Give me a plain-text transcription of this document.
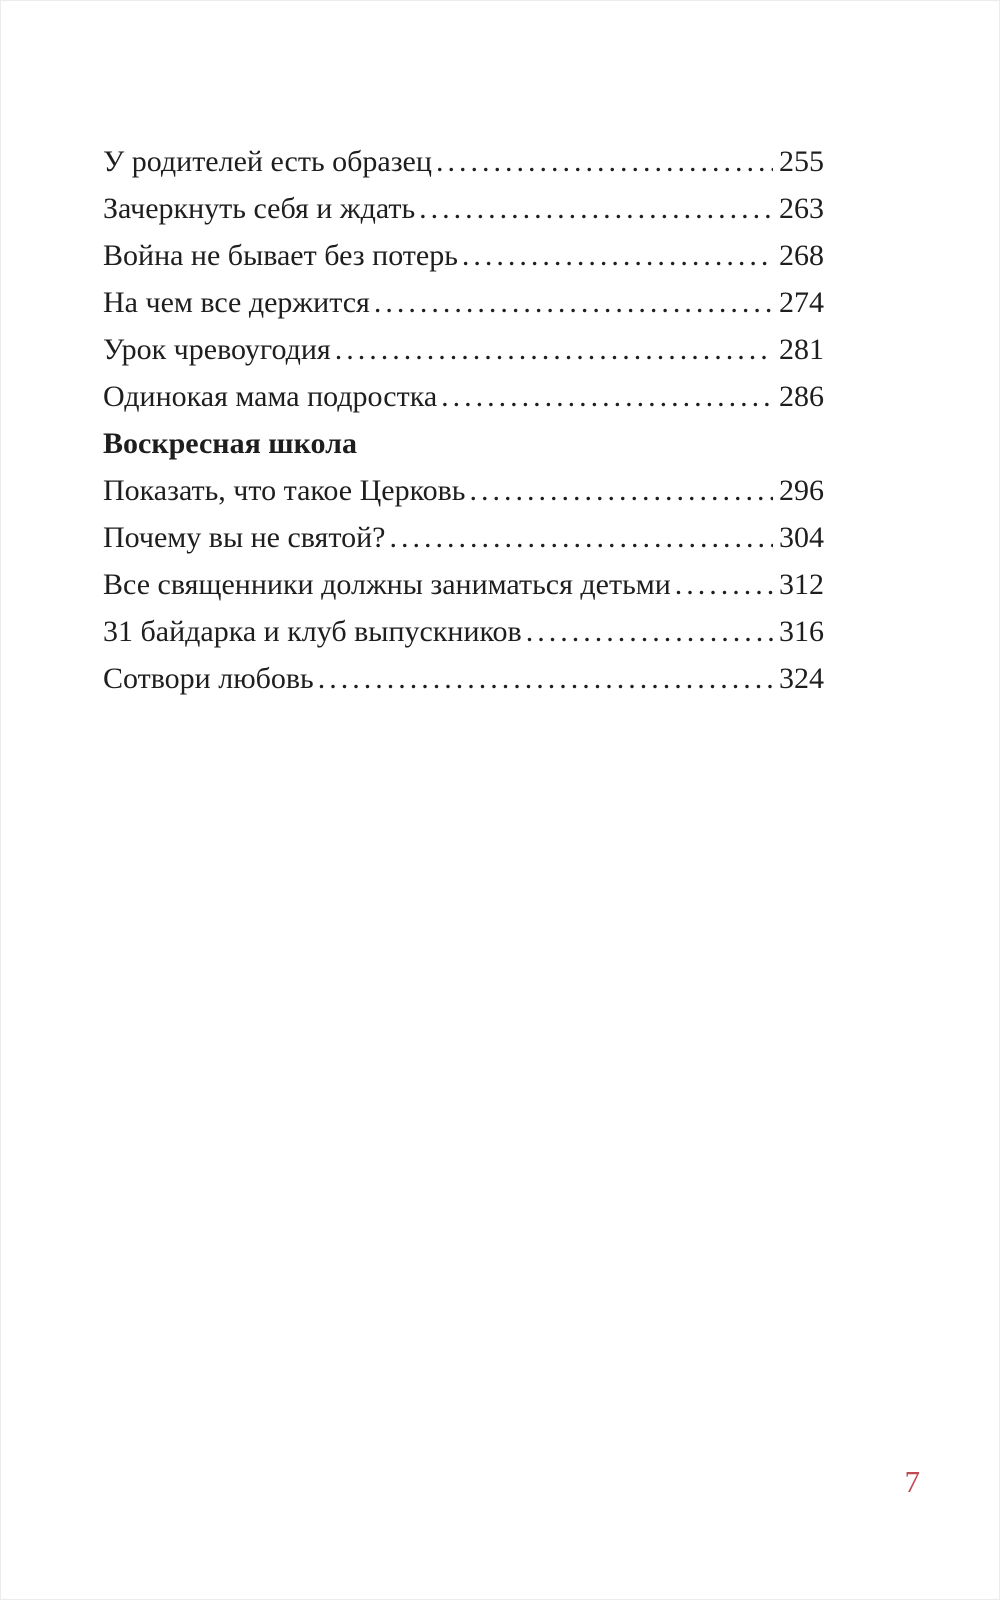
У родителей есть образец .....	255
Зачеркнуть себя и ждать .....	263
Война не бывает без потерь .....	268
На чем все держится .....	274
Урок чревоугодия .....	281
Одинокая мама подростка .....	286
Воскресная школа
Показать, что такое Церковь .....	296
Почему вы не святой? .....	304
Все священники должны заниматься детьми .....	312
31 байдарка и клуб выпускников .....	316
Сотвори любовь .....	324
7
